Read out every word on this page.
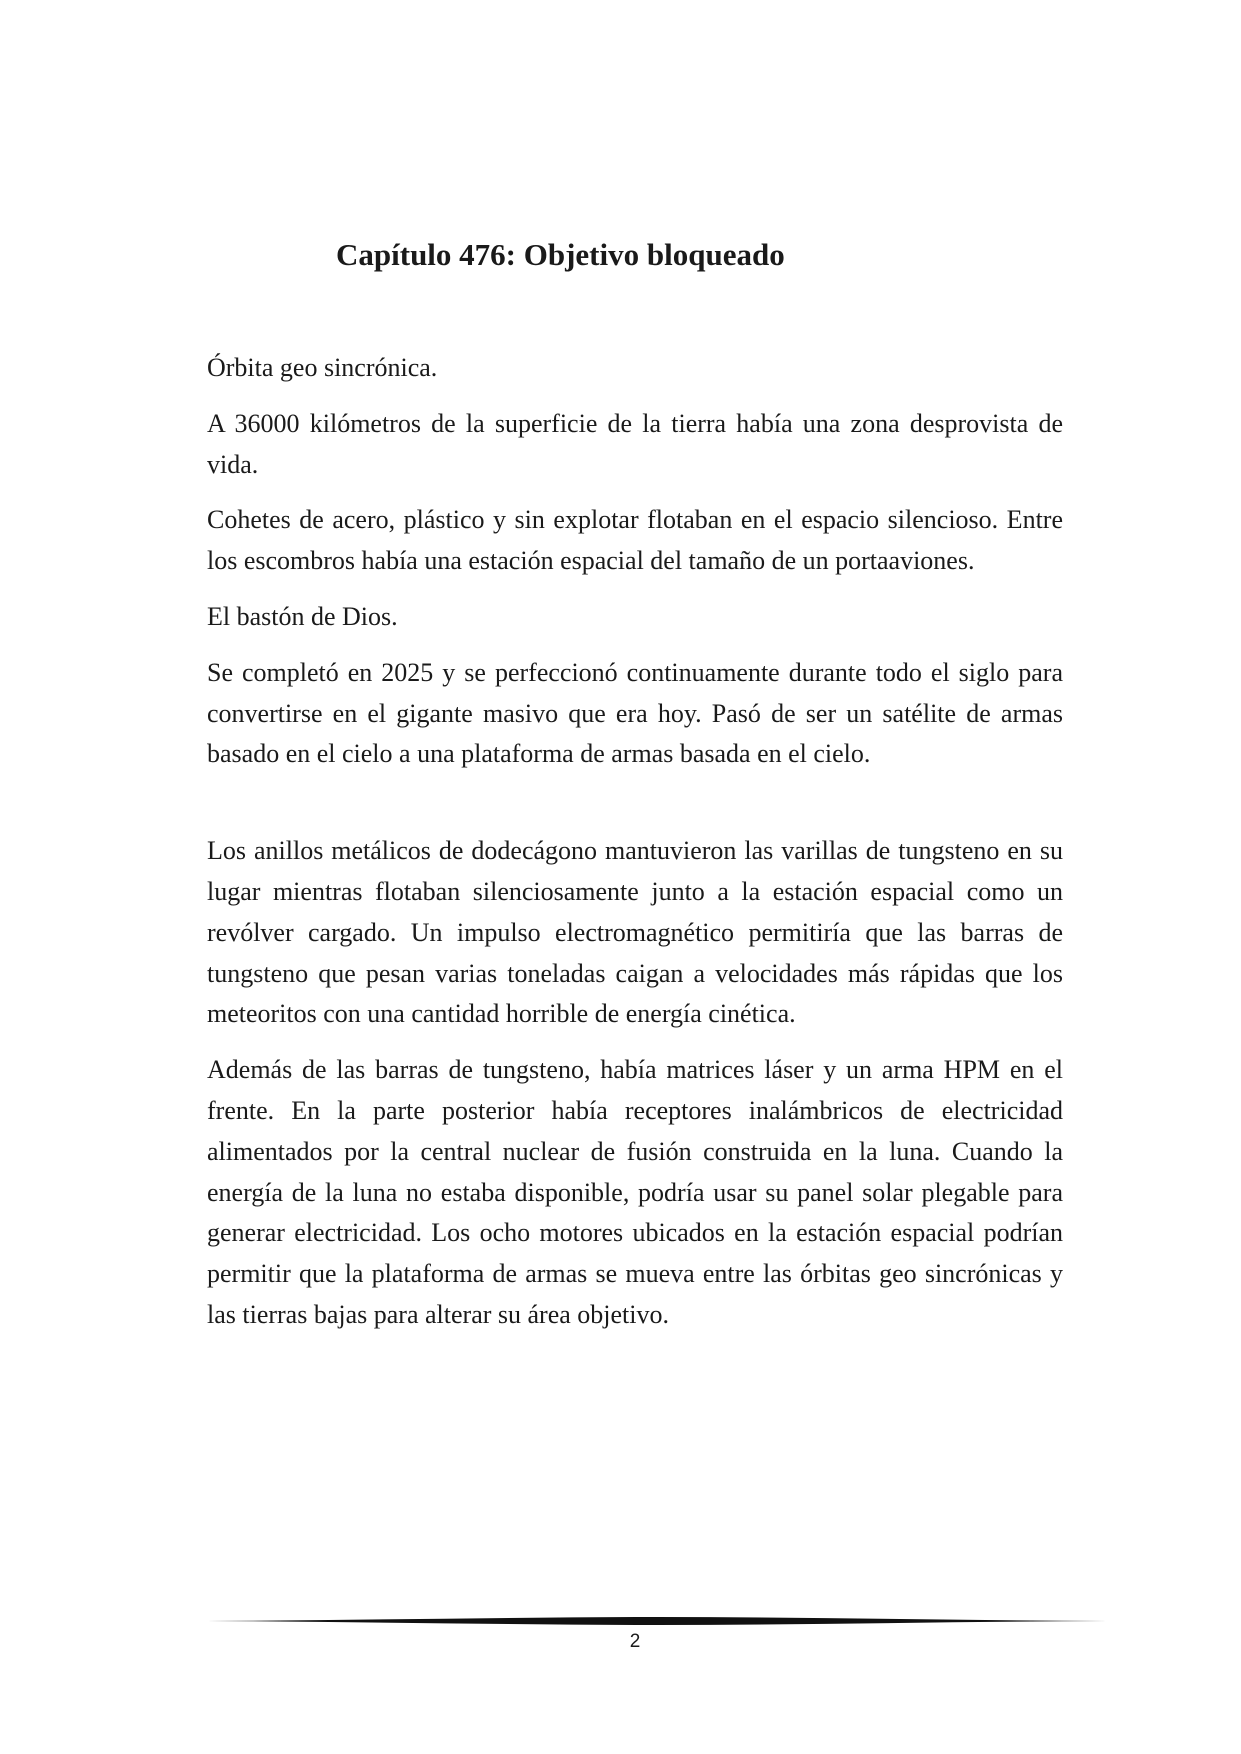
Capítulo 476: Objetivo bloqueado

Órbita geo sincrónica.

A 36000 kilómetros de la superficie de la tierra había una zona desprovista de vida.

Cohetes de acero, plástico y sin explotar flotaban en el espacio silencioso. Entre los escombros había una estación espacial del tamaño de un portaaviones.

El bastón de Dios.

Se completó en 2025 y se perfeccionó continuamente durante todo el siglo para convertirse en el gigante masivo que era hoy. Pasó de ser un satélite de armas basado en el cielo a una plataforma de armas basada en el cielo.

Los anillos metálicos de dodecágono mantuvieron las varillas de tungsteno en su lugar mientras flotaban silenciosamente junto a la estación espacial como un revólver cargado. Un impulso electromagnético permitiría que las barras de tungsteno que pesan varias toneladas caigan a velocidades más rápidas que los meteoritos con una cantidad horrible de energía cinética.

Además de las barras de tungsteno, había matrices láser y un arma HPM en el frente. En la parte posterior había receptores inalámbricos de electricidad alimentados por la central nuclear de fusión construida en la luna. Cuando la energía de la luna no estaba disponible, podría usar su panel solar plegable para generar electricidad. Los ocho motores ubicados en la estación espacial podrían permitir que la plataforma de armas se mueva entre las órbitas geo sincrónicas y las tierras bajas para alterar su área objetivo.

2
